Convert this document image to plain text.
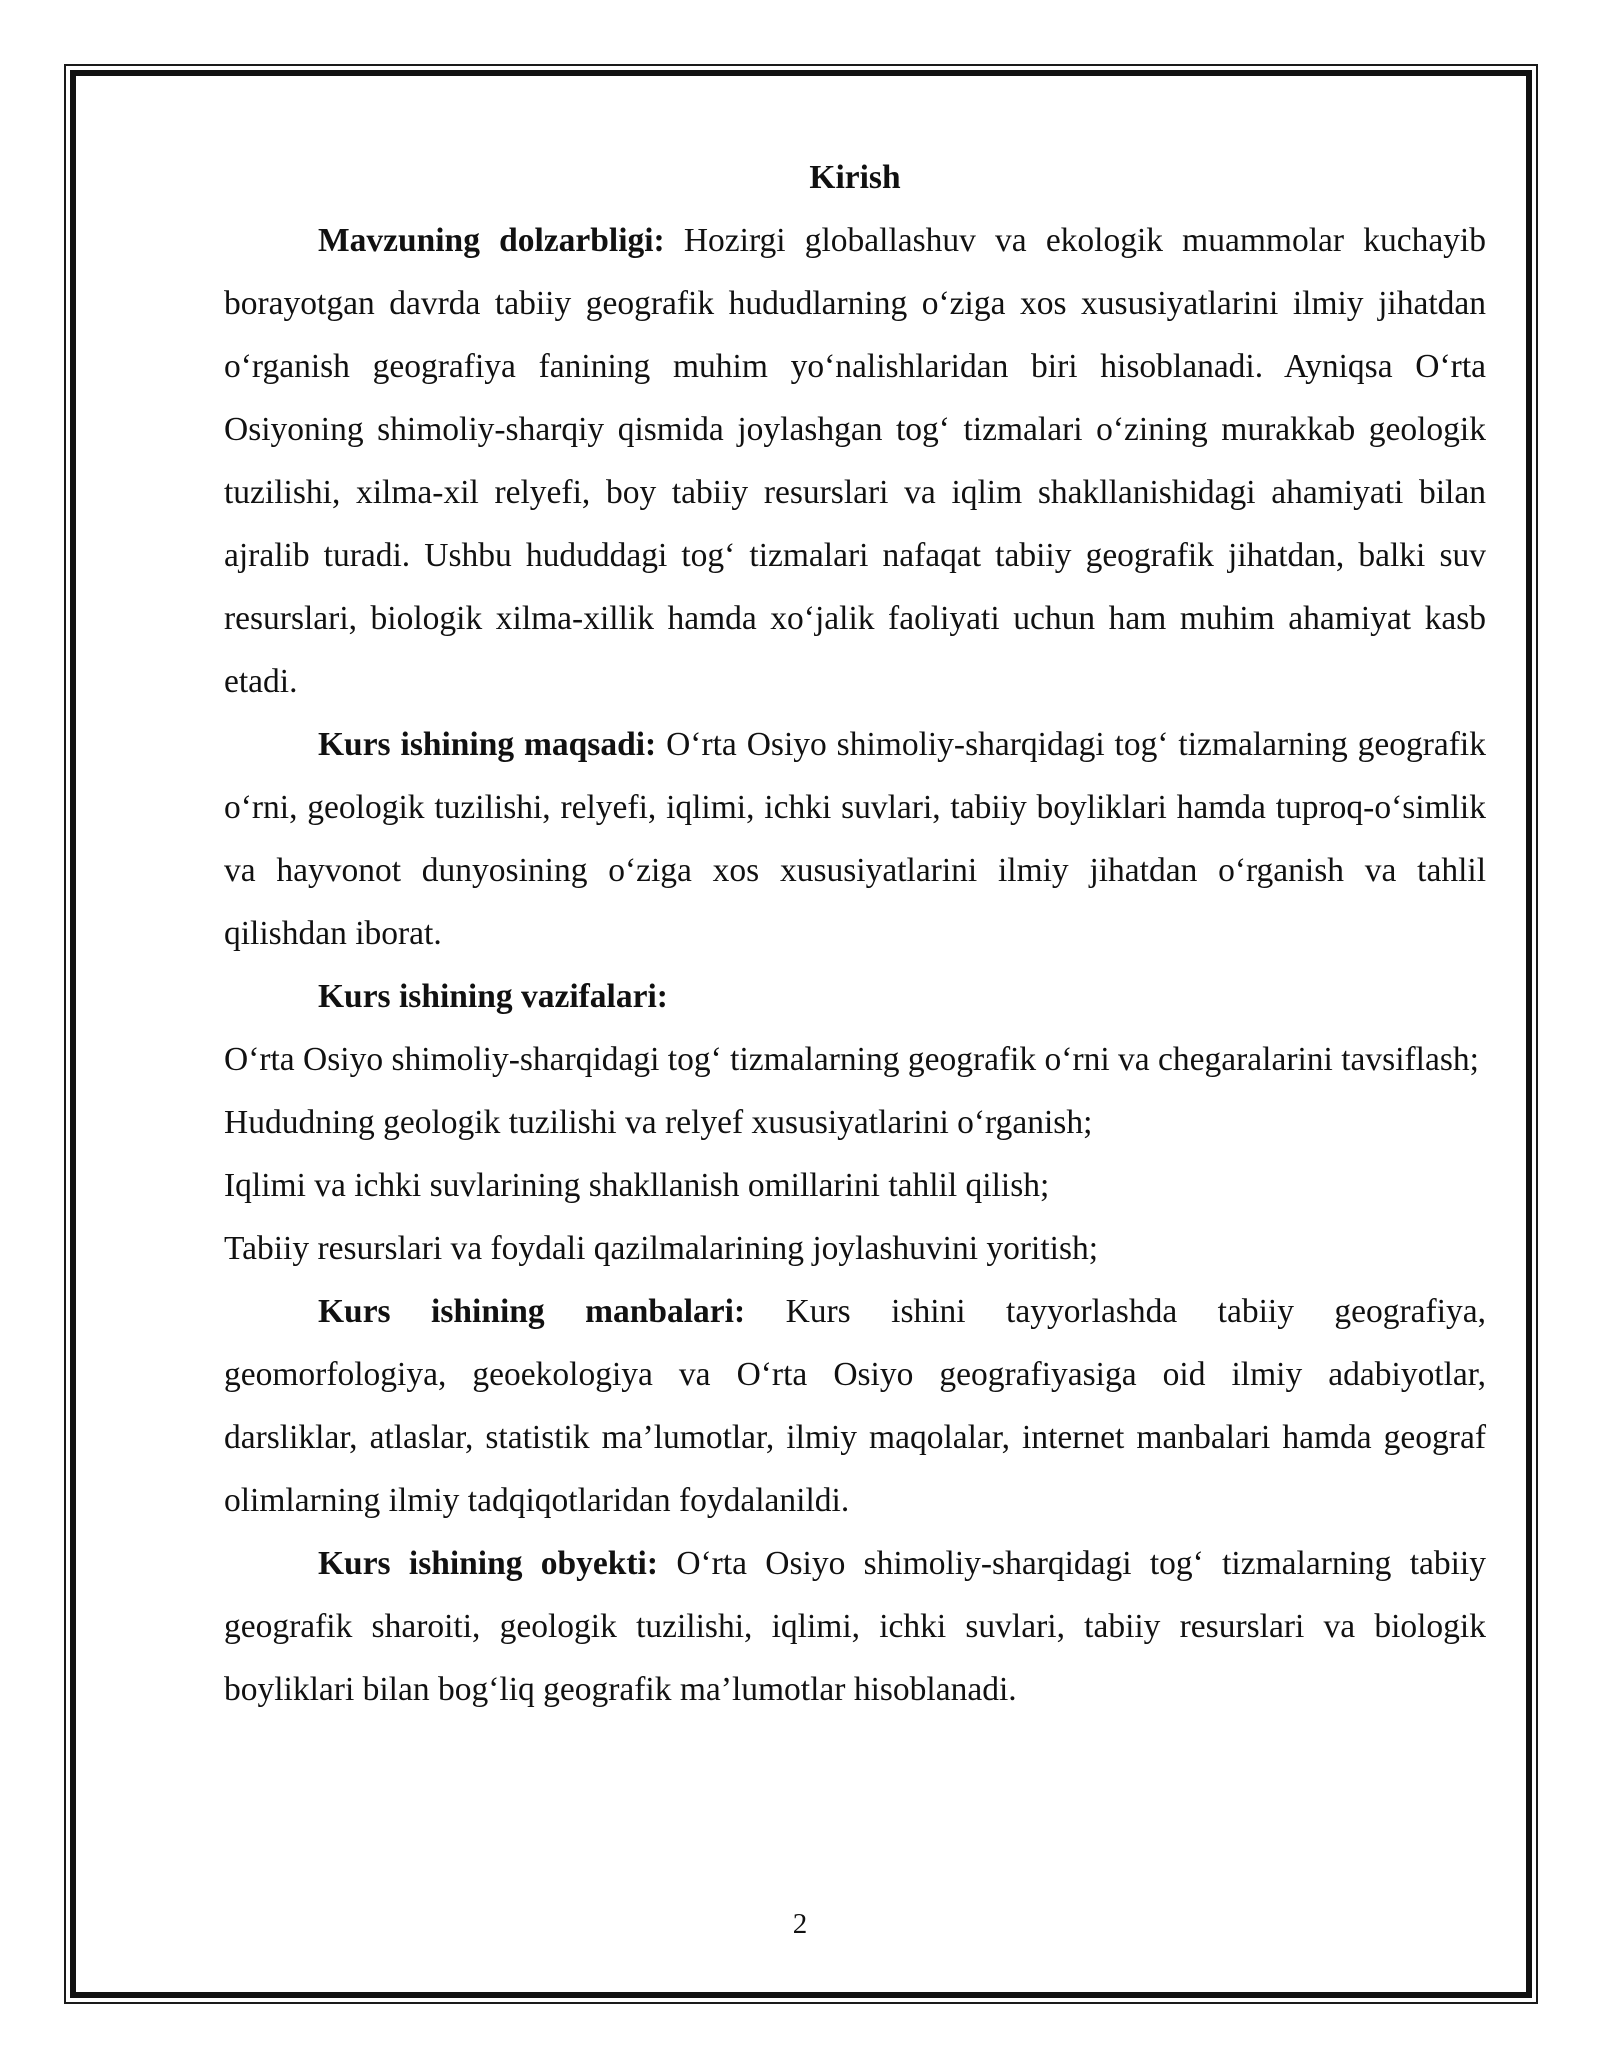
Kirish

Mavzuning dolzarbligi: Hozirgi globallashuv va ekologik muammolar kuchayib borayotgan davrda tabiiy geografik hududlarning o‘ziga xos xususiyatlarini ilmiy jihatdan o‘rganish geografiya fanining muhim yo‘nalishlaridan biri hisoblanadi. Ayniqsa O‘rta Osiyoning shimoliy-sharqiy qismida joylashgan tog‘ tizmalari o‘zining murakkab geologik tuzilishi, xilma-xil relyefi, boy tabiiy resurslari va iqlim shakllanishidagi ahamiyati bilan ajralib turadi. Ushbu hududdagi tog‘ tizmalari nafaqat tabiiy geografik jihatdan, balki suv resurslari, biologik xilma-xillik hamda xo‘jalik faoliyati uchun ham muhim ahamiyat kasb etadi.

Kurs ishining maqsadi: O‘rta Osiyo shimoliy-sharqidagi tog‘ tizmalarning geografik o‘rni, geologik tuzilishi, relyefi, iqlimi, ichki suvlari, tabiiy boyliklari hamda tuproq-o‘simlik va hayvonot dunyosining o‘ziga xos xususiyatlarini ilmiy jihatdan o‘rganish va tahlil qilishdan iborat.

Kurs ishining vazifalari:

O‘rta Osiyo shimoliy-sharqidagi tog‘ tizmalarning geografik o‘rni va chegaralarini tavsiflash;

Hududning geologik tuzilishi va relyef xususiyatlarini o‘rganish;

Iqlimi va ichki suvlarining shakllanish omillarini tahlil qilish;

Tabiiy resurslari va foydali qazilmalarining joylashuvini yoritish;

Kurs ishining manbalari: Kurs ishini tayyorlashda tabiiy geografiya, geomorfologiya, geoekologiya va O‘rta Osiyo geografiyasiga oid ilmiy adabiyotlar, darsliklar, atlaslar, statistik ma’lumotlar, ilmiy maqolalar, internet manbalari hamda geograf olimlarning ilmiy tadqiqotlaridan foydalanildi.

Kurs ishining obyekti: O‘rta Osiyo shimoliy-sharqidagi tog‘ tizmalarning tabiiy geografik sharoiti, geologik tuzilishi, iqlimi, ichki suvlari, tabiiy resurslari va biologik boyliklari bilan bog‘liq geografik ma’lumotlar hisoblanadi.

2
